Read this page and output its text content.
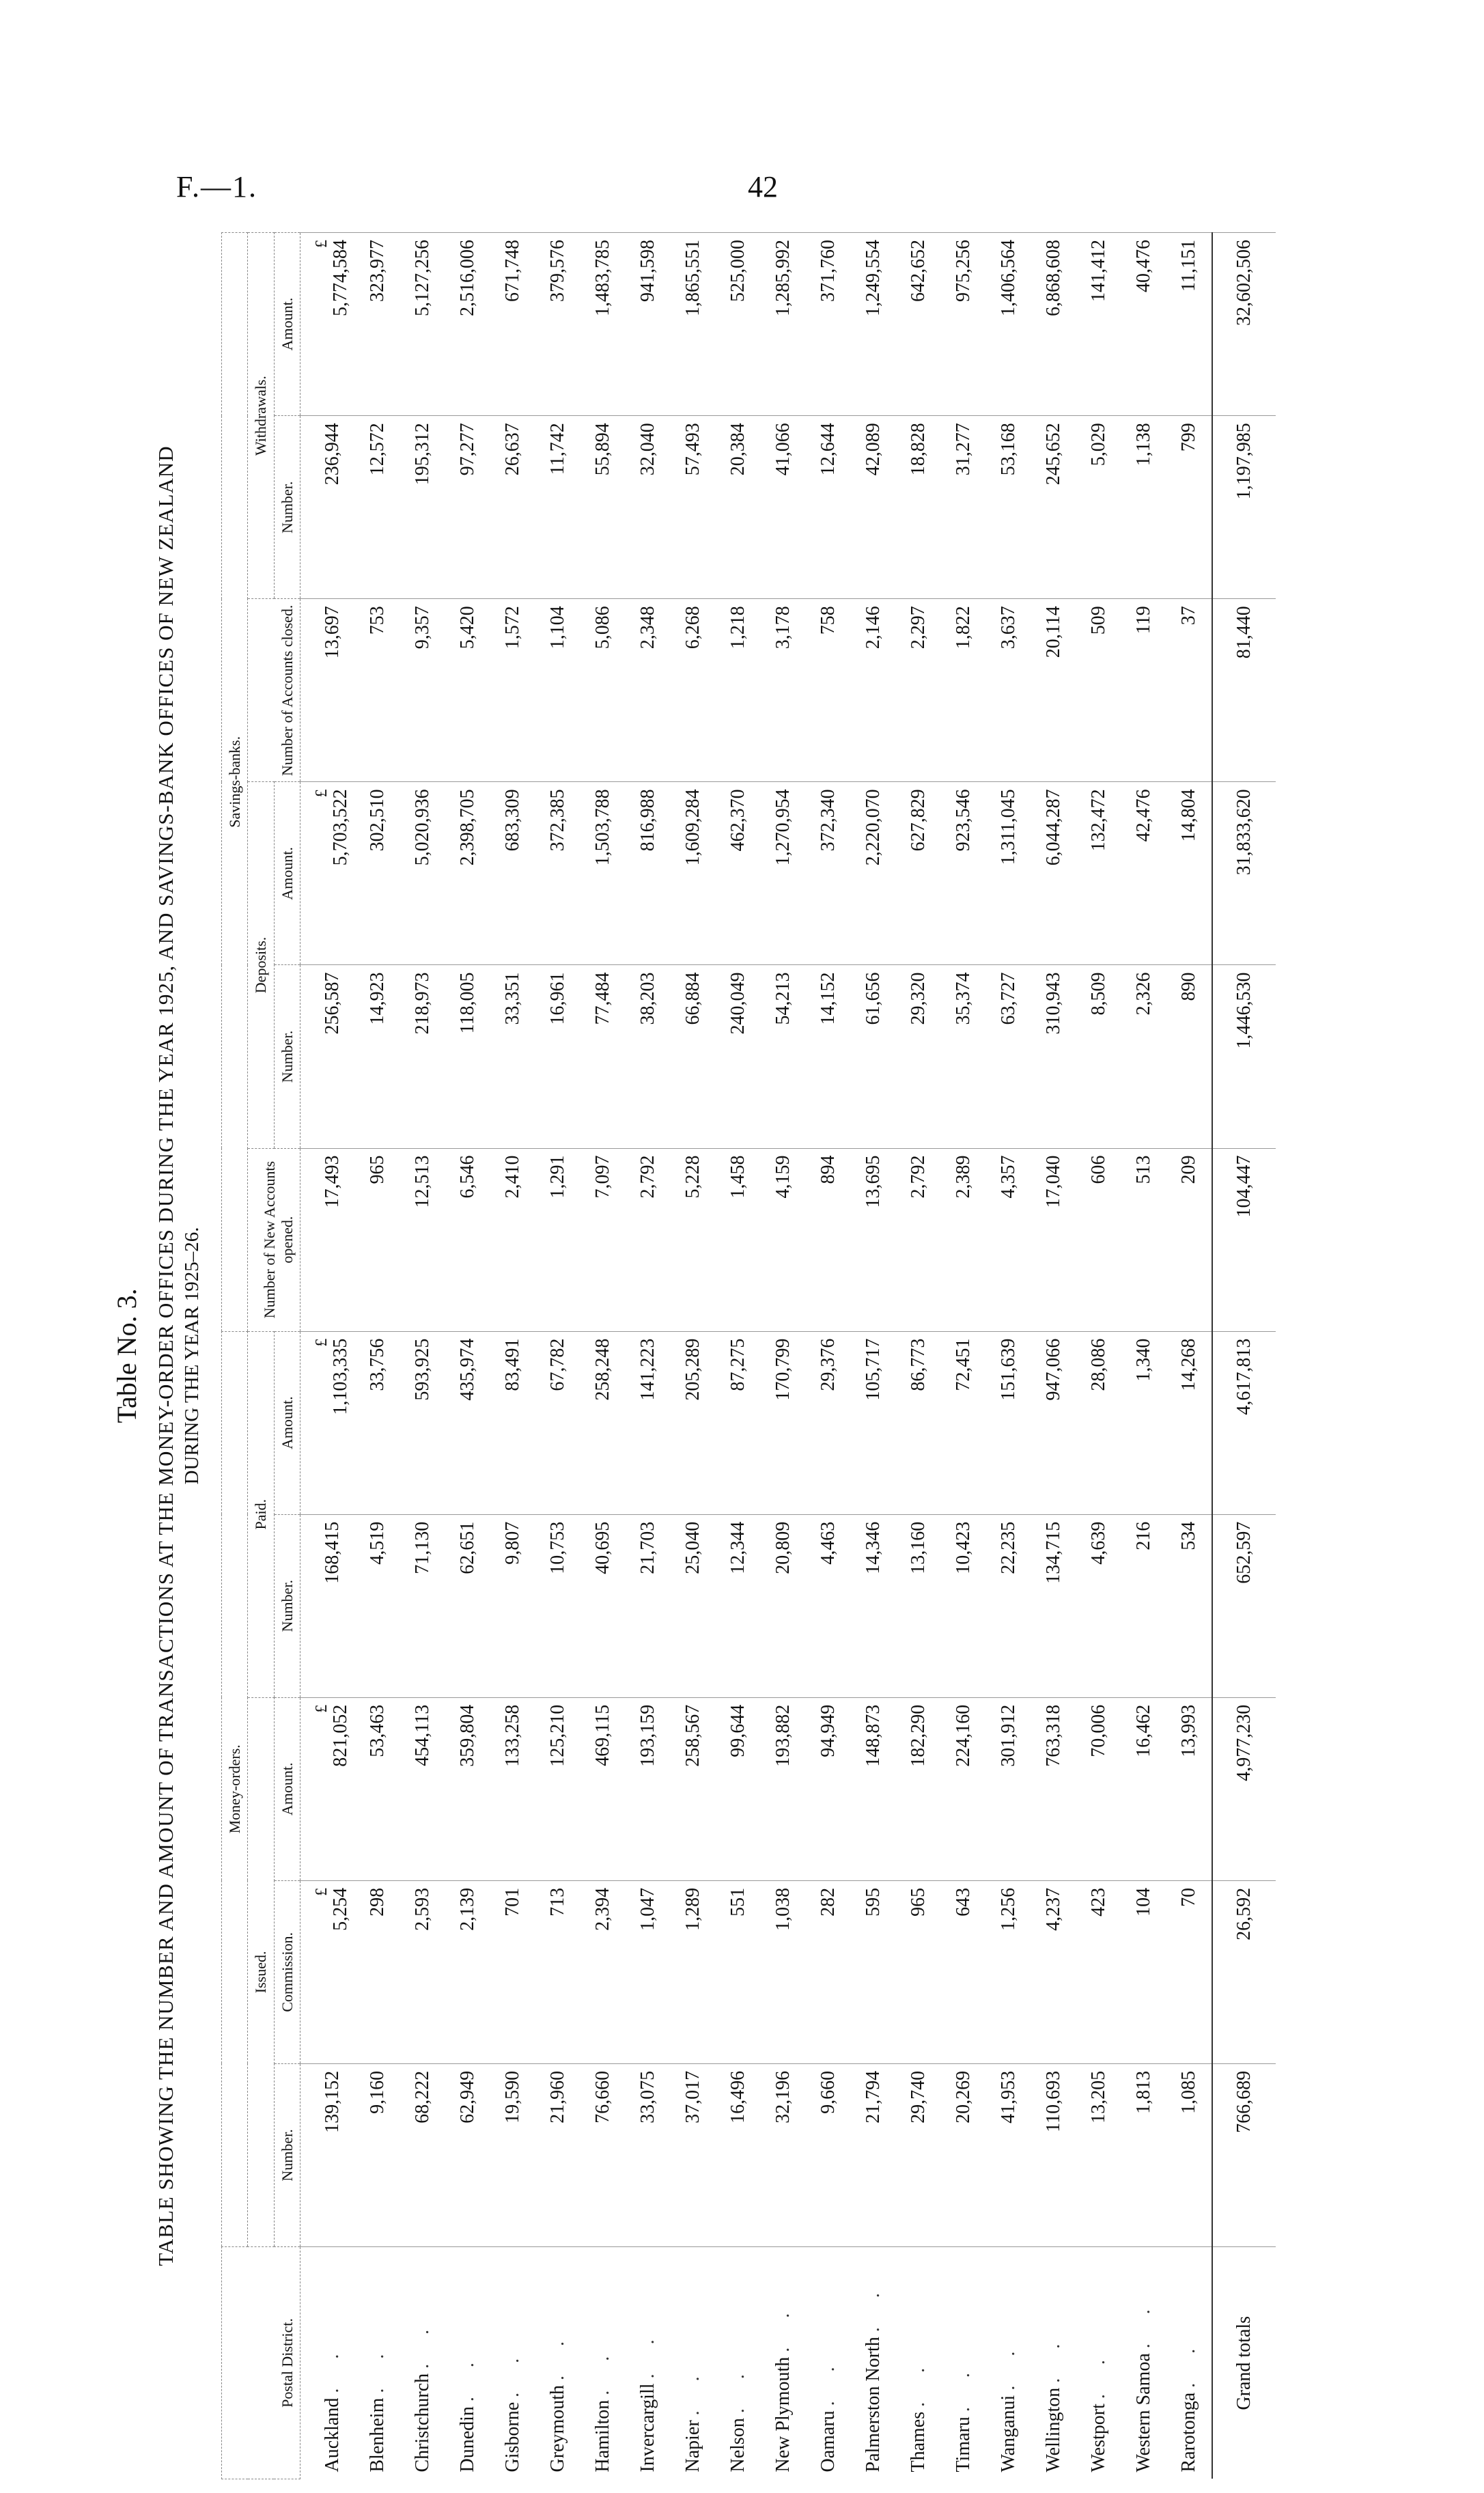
F.—1.	42
Table No. 3. TABLE SHOWING THE NUMBER AND AMOUNT OF TRANSACTIONS AT THE MONEY-ORDER OFFICES DURING THE YEAR 1925, AND SAVINGS-BANK OFFICES OF NEW ZEALAND DURING THE YEAR 1925–26.
Postal District.	Money-orders.					Savings-banks.					
	Issued.			Paid.		Number of New Accounts opened.	Deposits.		Number of Accounts closed.	Withdrawals.	
	Number.	Commission.	Amount.	Number.	Amount.		Number.	Amount.		Number.	Amount.
Auckland . .	139,152	£ 5,254	£ 821,052	168,415	£ 1,103,335	17,493	256,587	£ 5,703,522	13,697	236,944	£ 5,774,584
Blenheim . .	9,160	298	53,463	4,519	33,756	965	14,923	302,510	753	12,572	323,977
Christchurch . .	68,222	2,593	454,113	71,130	593,925	12,513	218,973	5,020,936	9,357	195,312	5,127,256
Dunedin . .	62,949	2,139	359,804	62,651	435,974	6,546	118,005	2,398,705	5,420	97,277	2,516,006
Gisborne . .	19,590	701	133,258	9,807	83,491	2,410	33,351	683,309	1,572	26,637	671,748
Greymouth . .	21,960	713	125,210	10,753	67,782	1,291	16,961	372,385	1,104	11,742	379,576
Hamilton . .	76,660	2,394	469,115	40,695	258,248	7,097	77,484	1,503,788	5,086	55,894	1,483,785
Invercargill . .	33,075	1,047	193,159	21,703	141,223	2,792	38,203	816,988	2,348	32,040	941,598
Napier . .	37,017	1,289	258,567	25,040	205,289	5,228	66,884	1,609,284	6,268	57,493	1,865,551
Nelson . .	16,496	551	99,644	12,344	87,275	1,458	240,049	462,370	1,218	20,384	525,000
New Plymouth . .	32,196	1,038	193,882	20,809	170,799	4,159	54,213	1,270,954	3,178	41,066	1,285,992
Oamaru . .	9,660	282	94,949	4,463	29,376	894	14,152	372,340	758	12,644	371,760
Palmerston North . .	21,794	595	148,873	14,346	105,717	13,695	61,656	2,220,070	2,146	42,089	1,249,554
Thames . .	29,740	965	182,290	13,160	86,773	2,792	29,320	627,829	2,297	18,828	642,652
Timaru . .	20,269	643	224,160	10,423	72,451	2,389	35,374	923,546	1,822	31,277	975,256
Wanganui . .	41,953	1,256	301,912	22,235	151,639	4,357	63,727	1,311,045	3,637	53,168	1,406,564
Wellington . .	110,693	4,237	763,318	134,715	947,066	17,040	310,943	6,044,287	20,114	245,652	6,868,608
Westport . .	13,205	423	70,006	4,639	28,086	606	8,509	132,472	509	5,029	141,412
Western Samoa . .	1,813	104	16,462	216	1,340	513	2,326	42,476	119	1,138	40,476
Rarotonga . .	1,085	70	13,993	534	14,268	209	890	14,804	37	799	11,151
Grand totals	766,689	26,592	4,977,230	652,597	4,617,813	104,447	1,446,530	31,833,620	81,440	1,197,985	32,602,506
